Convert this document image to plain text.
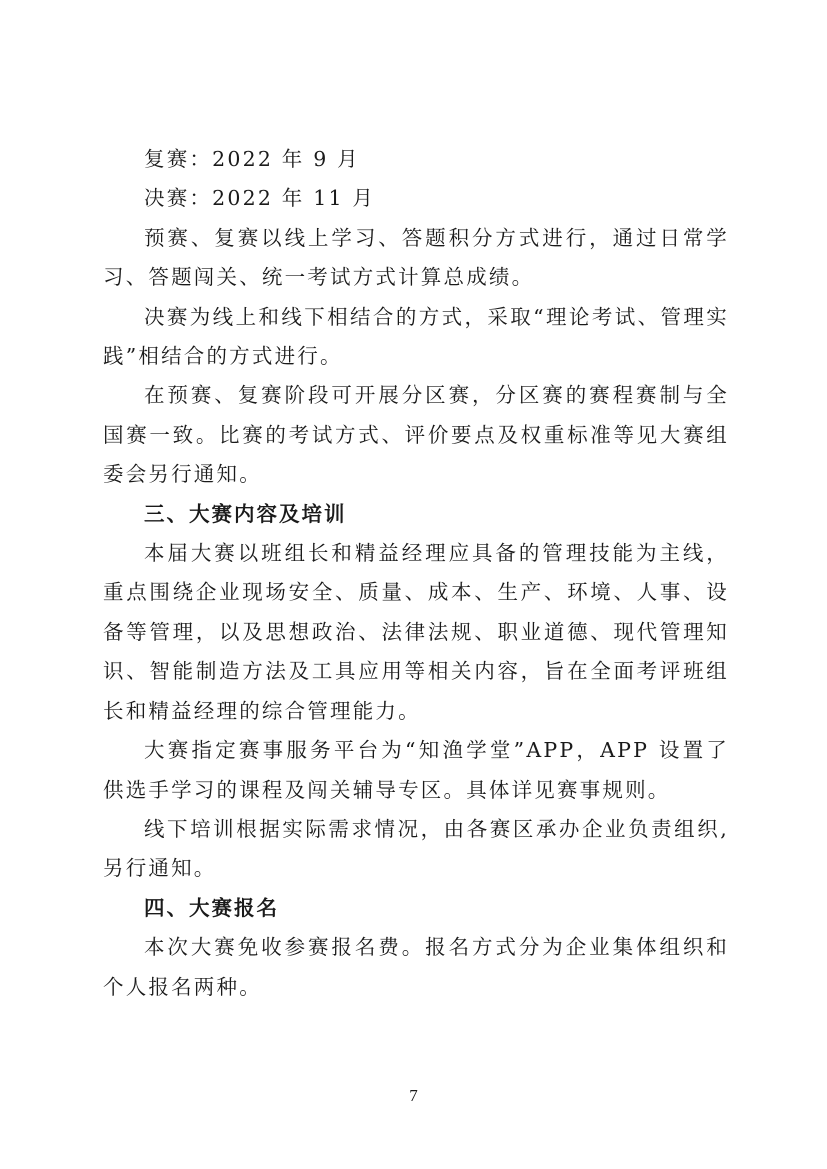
复赛：2022 年 9 月

决赛：2022 年 11 月

预赛、复赛以线上学习、答题积分方式进行，通过日常学习、答题闯关、统一考试方式计算总成绩。

决赛为线上和线下相结合的方式，采取“理论考试、管理实践”相结合的方式进行。

在预赛、复赛阶段可开展分区赛，分区赛的赛程赛制与全国赛一致。比赛的考试方式、评价要点及权重标准等见大赛组委会另行通知。

三、大赛内容及培训

本届大赛以班组长和精益经理应具备的管理技能为主线，重点围绕企业现场安全、质量、成本、生产、环境、人事、设备等管理，以及思想政治、法律法规、职业道德、现代管理知识、智能制造方法及工具应用等相关内容，旨在全面考评班组长和精益经理的综合管理能力。

大赛指定赛事服务平台为“知渔学堂”APP，APP 设置了供选手学习的课程及闯关辅导专区。具体详见赛事规则。

线下培训根据实际需求情况，由各赛区承办企业负责组织,另行通知。

四、大赛报名

本次大赛免收参赛报名费。报名方式分为企业集体组织和个人报名两种。

7
